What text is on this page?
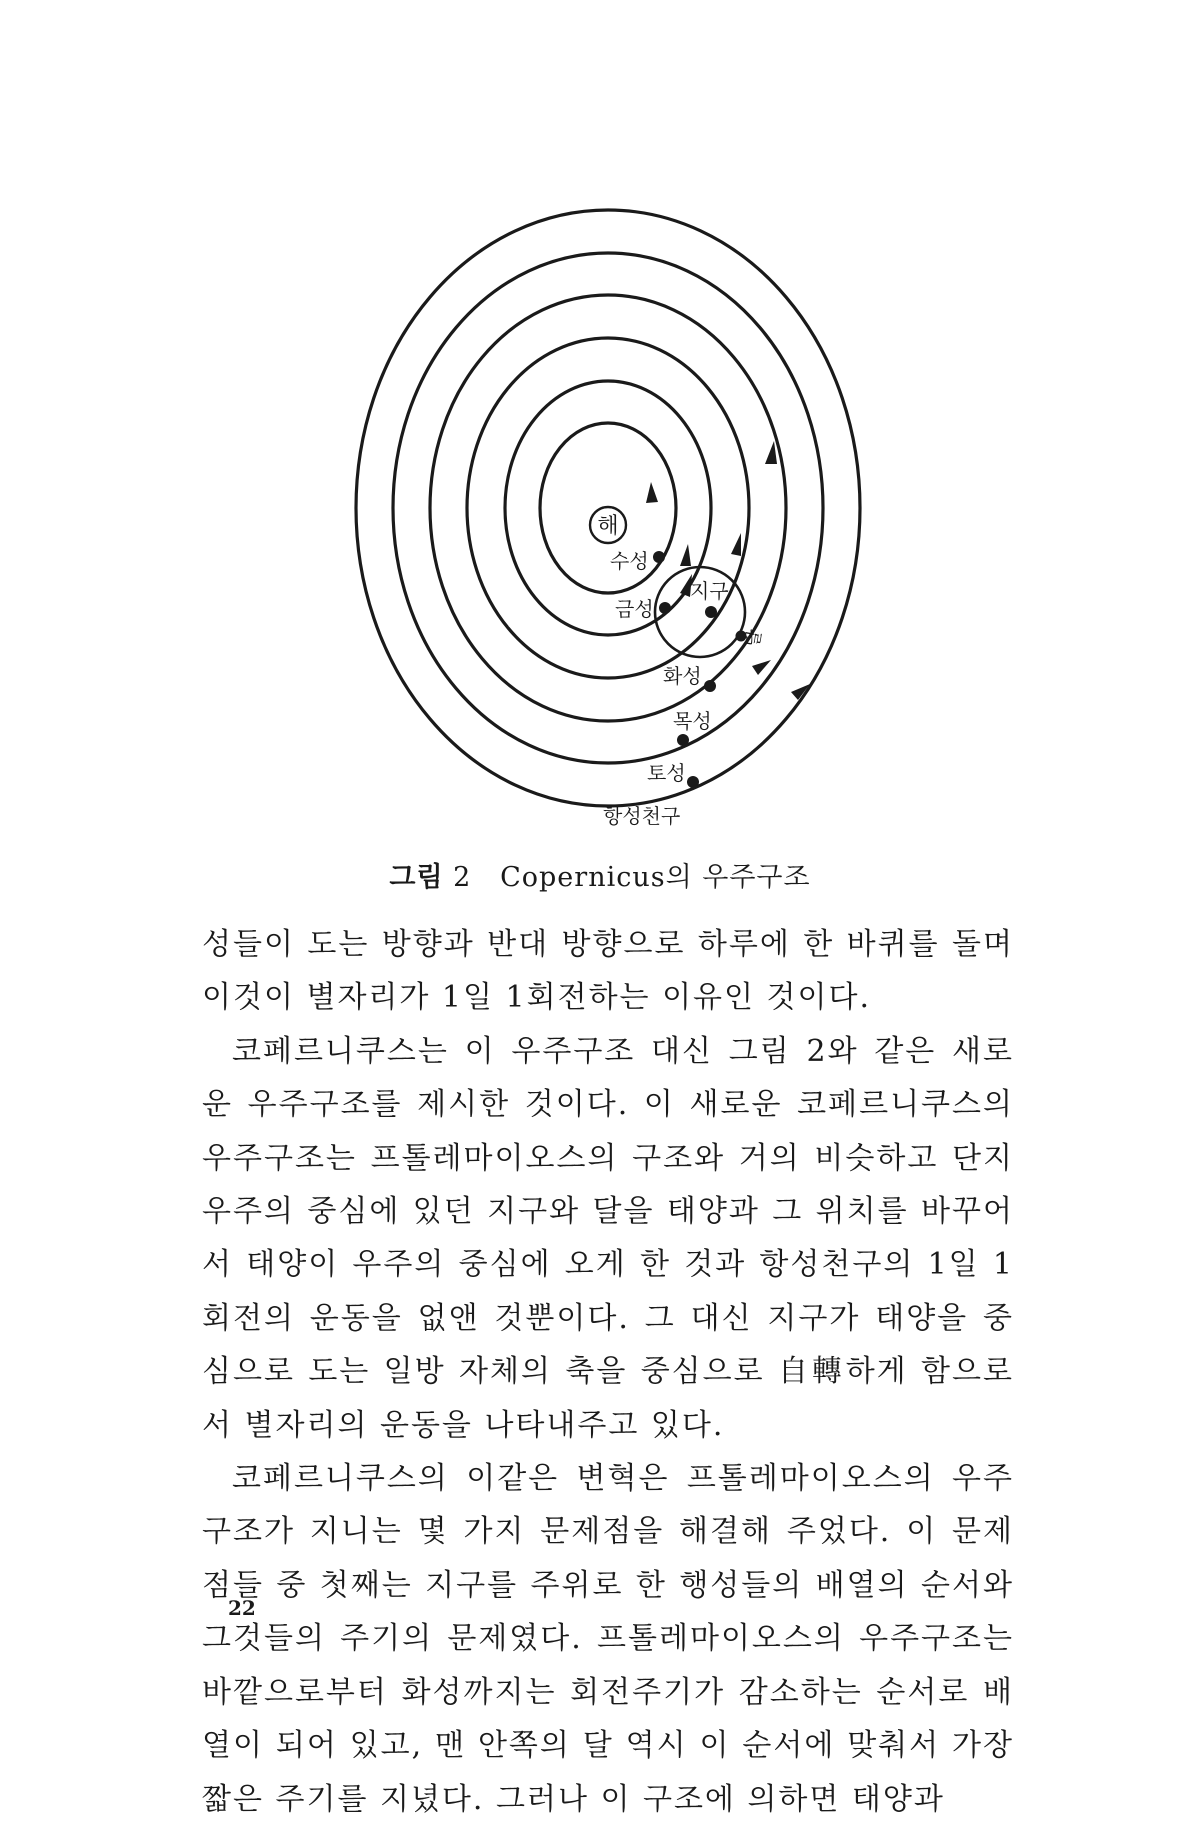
해
수성
금성
지구
달
화성
목성
토성
항성천구
그림 2 Copernicus의 우주구조

성들이 도는 방향과 반대 방향으로 하루에 한 바퀴를 돌며 이것이 별자리가 1일 1회전하는 이유인 것이다.

코페르니쿠스는 이 우주구조 대신 그림 2와 같은 새로운 우주구조를 제시한 것이다. 이 새로운 코페르니쿠스의 우주구조는 프톨레마이오스의 구조와 거의 비슷하고 단지 우주의 중심에 있던 지구와 달을 태양과 그 위치를 바꾸어서 태양이 우주의 중심에 오게 한 것과 항성천구의 1일 1회전의 운동을 없앤 것뿐이다. 그 대신 지구가 태양을 중심으로 도는 일방 자체의 축을 중심으로 自轉하게 함으로서 별자리의 운동을 나타내주고 있다.

코페르니쿠스의 이같은 변혁은 프톨레마이오스의 우주구조가 지니는 몇 가지 문제점을 해결해 주었다. 이 문제점들 중 첫째는 지구를 주위로 한 행성들의 배열의 순서와 그것들의 주기의 문제였다. 프톨레마이오스의 우주구조는 바깥으로부터 화성까지는 회전주기가 감소하는 순서로 배열이 되어 있고, 맨 안쪽의 달 역시 이 순서에 맞춰서 가장 짧은 주기를 지녔다. 그러나 이 구조에 의하면 태양과

22
